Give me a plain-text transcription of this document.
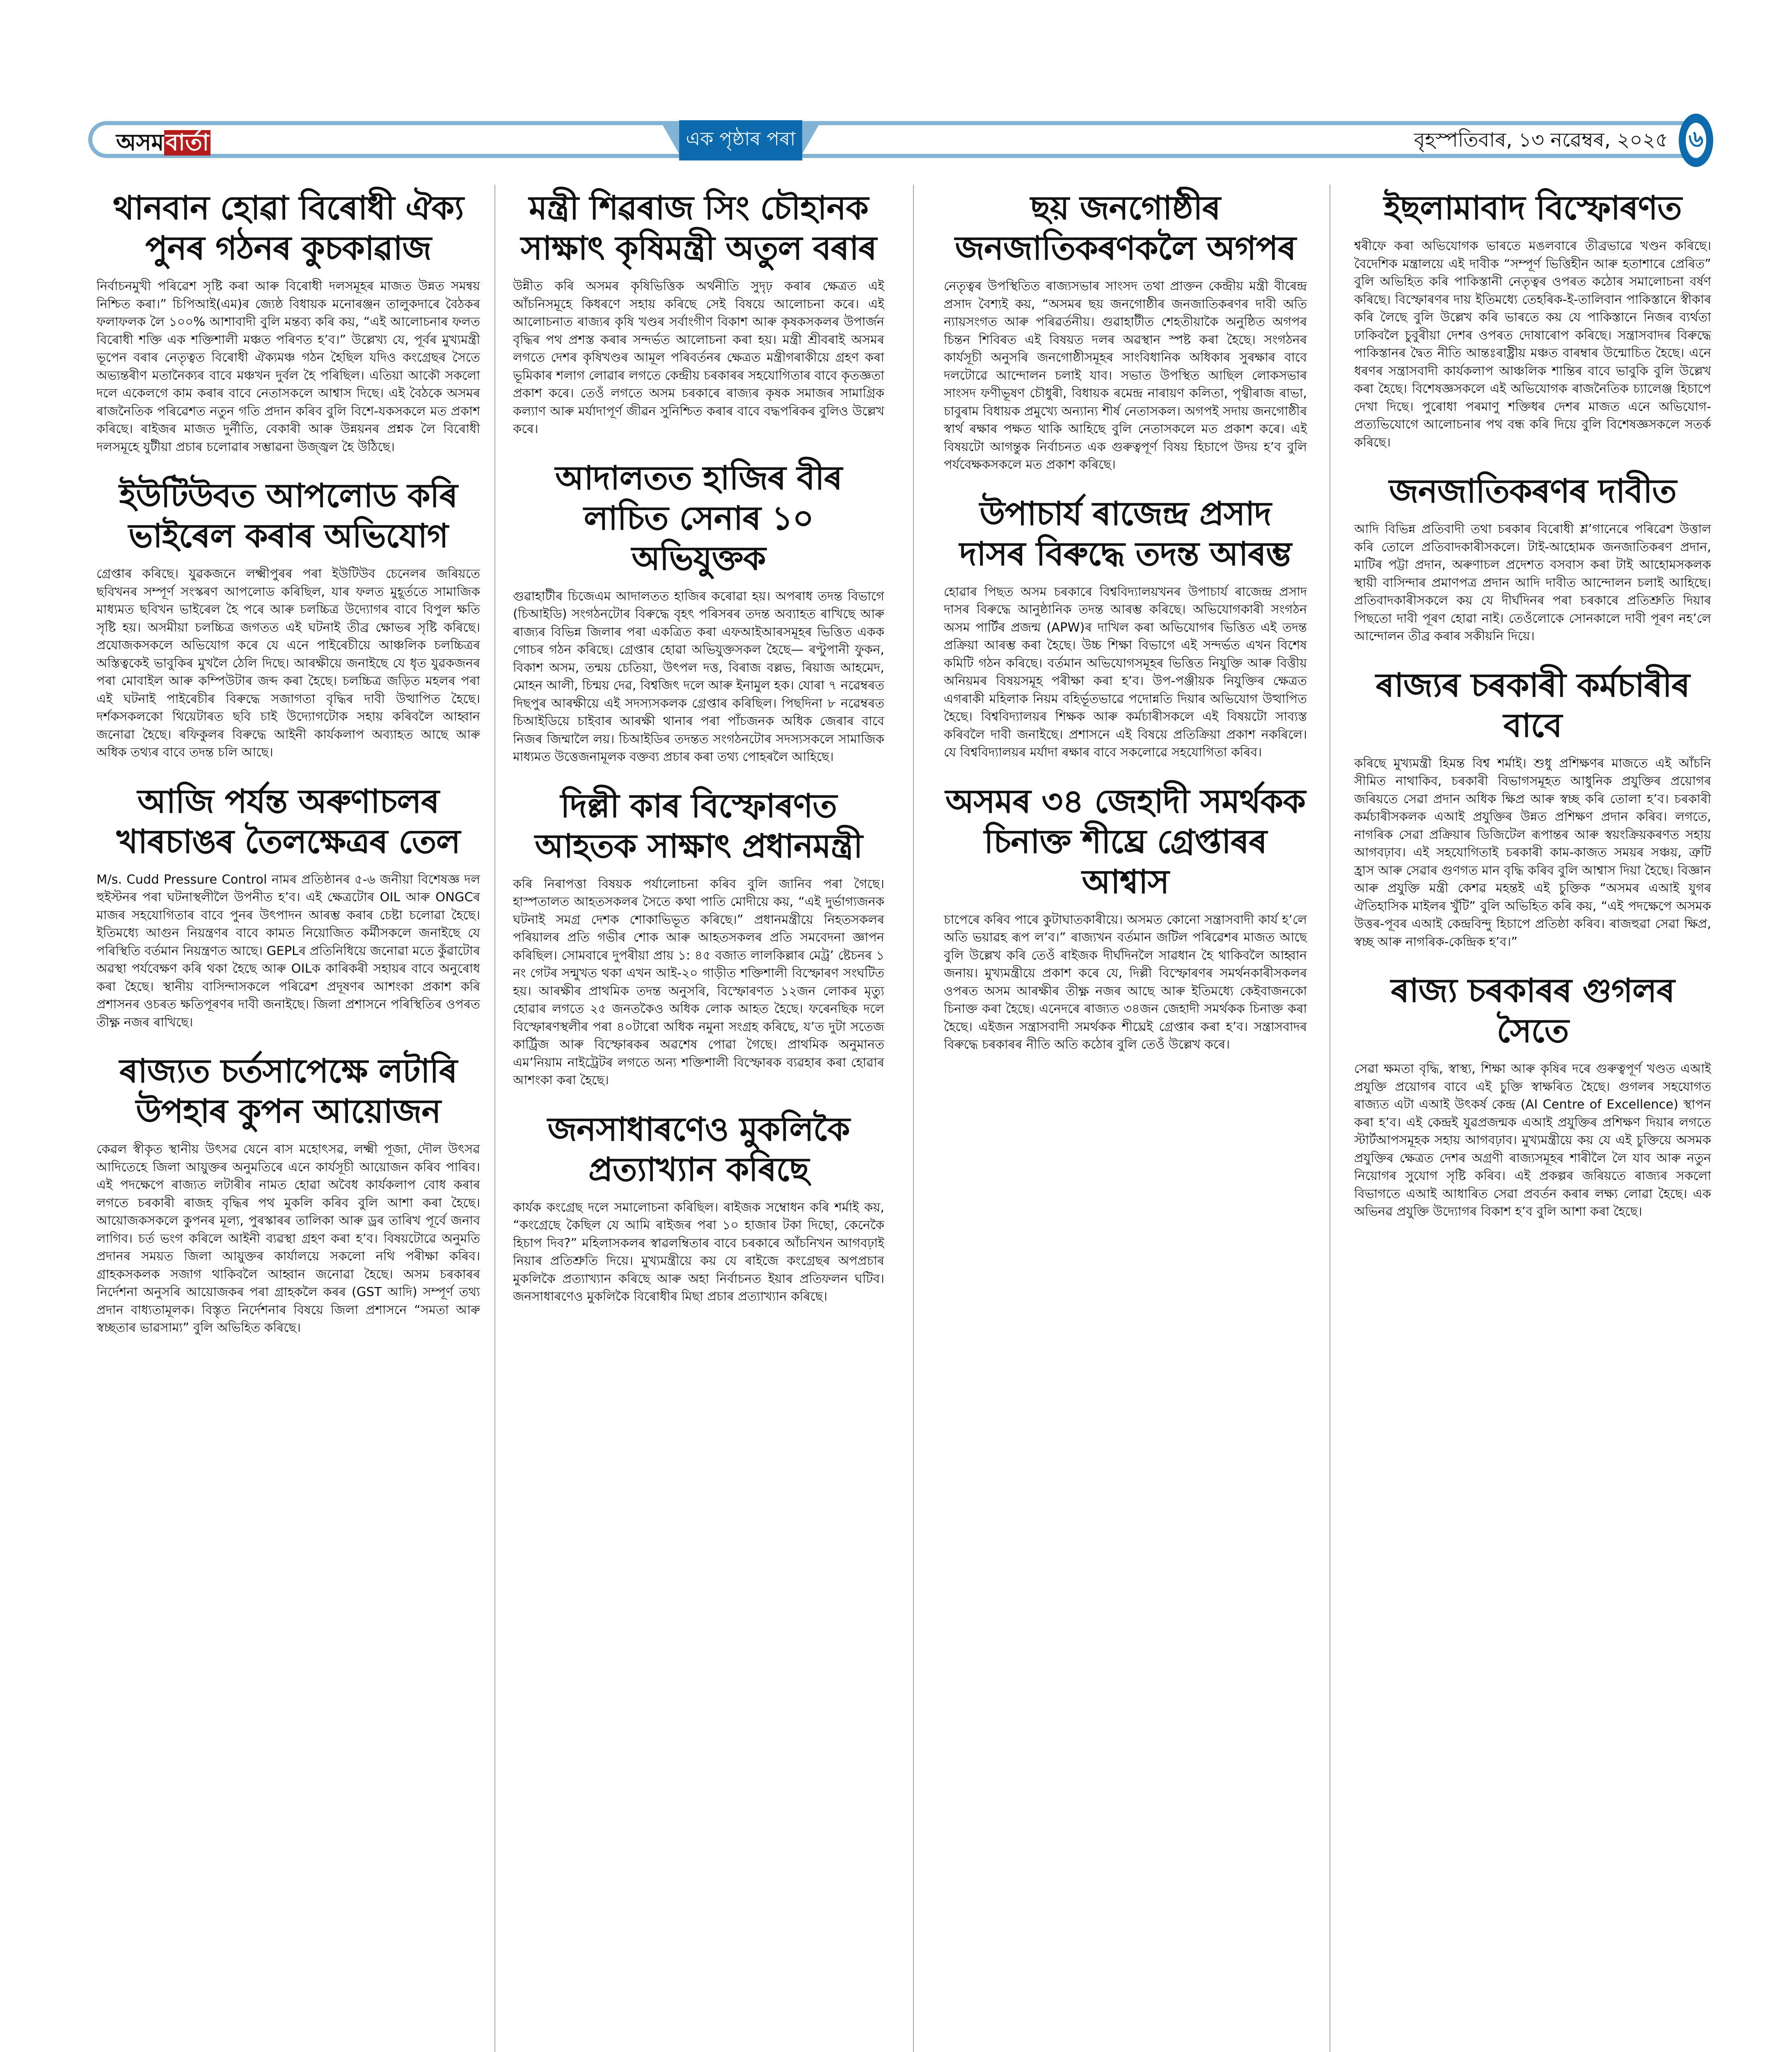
অসম বাৰ্তা	এক পৃষ্ঠাৰ পৰা	বৃহস্পতিবাৰ, ১৩ নৱেম্বৰ, ২০২৫ ৬
থানবান হোৱা বিৰোধী ঐক্য পুনৰ গঠনৰ কুচকাৱাজ

নিৰ্বাচনমুখী পৰিৱেশ সৃষ্টি কৰা আৰু বিৰোধী দলসমূহৰ মাজত উন্নত সমন্বয় নিশ্চিত কৰা।” চিপিআই(এম)ৰ জ্যেষ্ঠ বিধায়ক মনোৰঞ্জন তালুকদাৰে বৈঠকৰ ফলাফলক লৈ ১০০% আশাবাদী বুলি মন্তব্য কৰি কয়, “এই আলোচনাৰ ফলত বিৰোধী শক্তি এক শক্তিশালী মঞ্চত পৰিণত হ’ব।” উল্লেখ্য যে, পূৰ্বৰ মুখ্যমন্ত্ৰী ভূপেন বৰাৰ নেতৃত্বত বিৰোধী ঐক্যমঞ্চ গঠন হৈছিল যদিও কংগ্ৰেছৰ সৈতে অভ্যন্তৰীণ মতানৈক্যৰ বাবে মঞ্চখন দুৰ্বল হৈ পৰিছিল। এতিয়া আকৌ সকলো দলে একেলগে কাম কৰাৰ বাবে নেতাসকলে আশ্বাস দিছে। এই বৈঠকে অসমৰ ৰাজনৈতিক পৰিৱেশত নতুন গতি প্ৰদান কৰিব বুলি বিশে-যকসকলে মত প্ৰকাশ কৰিছে। ৰাইজৰ মাজত দুৰ্নীতি, বেকাৰী আৰু উন্নয়নৰ প্ৰশ্নক লৈ বিৰোধী দলসমূহে যুটীয়া প্ৰচাৰ চলোৱাৰ সম্ভাৱনা উজ্জ্বল হৈ উঠিছে।

ইউটিউবত আপলোড কৰি ভাইৰেল কৰাৰ অভিযোগ

গ্ৰেপ্তাৰ কৰিছে। যুৱকজনে লক্ষ্মীপুৰৰ পৰা ইউটিউব চেনেলৰ জৰিয়তে ছবিখনৰ সম্পূৰ্ণ সংস্কৰণ আপলোড কৰিছিল, যাৰ ফলত মুহূৰ্ততে সামাজিক মাধ্যমত ছবিখন ভাইৰেল হৈ পৰে আৰু চলচ্চিত্ৰ উদ্যোগৰ বাবে বিপুল ক্ষতি সৃষ্টি হয়। অসমীয়া চলচ্চিত্ৰ জগতত এই ঘটনাই তীব্ৰ ক্ষোভৰ সৃষ্টি কৰিছে। প্ৰযোজকসকলে অভিযোগ কৰে যে এনে পাইৰেচীয়ে আঞ্চলিক চলচ্চিত্ৰৰ অস্তিত্বকেই ভাবুকিৰ মুখলৈ ঠেলি দিছে। আৰক্ষীয়ে জনাইছে যে ধৃত যুৱকজনৰ পৰা মোবাইল আৰু কম্পিউটাৰ জব্দ কৰা হৈছে। চলচ্চিত্ৰ জড়িত মহলৰ পৰা এই ঘটনাই পাইৰেচীৰ বিৰুদ্ধে সজাগতা বৃদ্ধিৰ দাবী উত্থাপিত হৈছে। দৰ্শকসকলকো থিয়েটাৰত ছবি চাই উদ্যোগটোক সহায় কৰিবলৈ আহ্বান জনোৱা হৈছে। ৰফিকুলৰ বিৰুদ্ধে আইনী কাৰ্যকলাপ অব্যাহত আছে আৰু অধিক তথ্যৰ বাবে তদন্ত চলি আছে।

আজি পৰ্যন্ত অৰুণাচলৰ খাৰচাঙৰ তৈলক্ষেত্ৰৰ তেল

M/s. Cudd Pressure Control নামৰ প্ৰতিষ্ঠানৰ ৫-৬ জনীয়া বিশেষজ্ঞ দল হুইস্টনৰ পৰা ঘটনাস্থলীলৈ উপনীত হ’ব। এই ক্ষেত্ৰটোৰ OIL আৰু ONGCৰ মাজৰ সহযোগিতাৰ বাবে পুনৰ উৎপাদন আৰম্ভ কৰাৰ চেষ্টা চলোৱা হৈছে। ইতিমধ্যে আগুন নিয়ন্ত্ৰণৰ বাবে কামত নিয়োজিত কৰ্মীসকলে জনাইছে যে পৰিস্থিতি বৰ্তমান নিয়ন্ত্ৰণত আছে। GEPLৰ প্ৰতিনিধিয়ে জনোৱা মতে কুঁৱাটোৰ অৱস্থা পৰ্যবেক্ষণ কৰি থকা হৈছে আৰু OILক কাৰিকৰী সহায়ৰ বাবে অনুৰোধ কৰা হৈছে। স্থানীয় বাসিন্দাসকলে পৰিৱেশ প্ৰদূষণৰ আশংকা প্ৰকাশ কৰি প্ৰশাসনৰ ওচৰত ক্ষতিপূৰণৰ দাবী জনাইছে। জিলা প্ৰশাসনে পৰিস্থিতিৰ ওপৰত তীক্ষ্ণ নজৰ ৰাখিছে।

ৰাজ্যত চৰ্তসাপেক্ষে লটাৰি উপহাৰ কুপন আয়োজন

কেৱল স্বীকৃত স্থানীয় উৎসৱ যেনে ৰাস মহোৎসৱ, লক্ষ্মী পূজা, দৌল উৎসৱ আদিতেহে জিলা আয়ুক্তৰ অনুমতিৰে এনে কাৰ্যসূচী আয়োজন কৰিব পাৰিব। এই পদক্ষেপে ৰাজ্যত লটাৰীৰ নামত হোৱা অবৈধ কাৰ্যকলাপ বোধ কৰাৰ লগতে চৰকাৰী ৰাজহ বৃদ্ধিৰ পথ মুকলি কৰিব বুলি আশা কৰা হৈছে। আয়োজকসকলে কুপনৰ মূল্য, পুৰস্কাৰৰ তালিকা আৰু ড্ৰৰ তাৰিখ পূৰ্বে জনাব লাগিব। চৰ্ত ভংগ কৰিলে আইনী ব্যৱস্থা গ্ৰহণ কৰা হ’ব। বিষয়টোৱে অনুমতি প্ৰদানৰ সময়ত জিলা আয়ুক্তৰ কাৰ্যালয়ে সকলো নথি পৰীক্ষা কৰিব। গ্ৰাহকসকলক সজাগ থাকিবলৈ আহ্বান জনোৱা হৈছে। অসম চৰকাৰৰ নিৰ্দেশনা অনুসৰি আয়োজকৰ পৰা গ্ৰাহকলৈ কৰৰ (GST আদি) সম্পূৰ্ণ তথ্য প্ৰদান বাধ্যতামূলক। বিস্তৃত নিৰ্দেশনাৰ বিষয়ে জিলা প্ৰশাসনে “সমতা আৰু স্বচ্ছতাৰ ভাৱসাম্য” বুলি অভিহিত কৰিছে।

মন্ত্ৰী শিৱৰাজ সিং চৌহানক সাক্ষাৎ কৃষিমন্ত্ৰী অতুল বৰাৰ

উন্নীত কৰি অসমৰ কৃষিভিত্তিক অৰ্থনীতি সুদৃঢ় কৰাৰ ক্ষেত্ৰত এই আঁচনিসমূহে কিধৰণে সহায় কৰিছে সেই বিষয়ে আলোচনা কৰে। এই আলোচনাত ৰাজ্যৰ কৃষি খণ্ডৰ সৰ্বাংগীণ বিকাশ আৰু কৃষকসকলৰ উপাৰ্জন বৃদ্ধিৰ পথ প্ৰশস্ত কৰাৰ সন্দৰ্ভত আলোচনা কৰা হয়। মন্ত্ৰী শ্ৰীবৰাই অসমৰ লগতে দেশৰ কৃষিখণ্ডৰ আমূল পৰিবৰ্তনৰ ক্ষেত্ৰত মন্ত্ৰীগৰাকীয়ে গ্ৰহণ কৰা ভূমিকাৰ শলাগ লোৱাৰ লগতে কেন্দ্ৰীয় চৰকাৰৰ সহযোগিতাৰ বাবে কৃতজ্ঞতা প্ৰকাশ কৰে। তেওঁ লগতে অসম চৰকাৰে ৰাজ্যৰ কৃষক সমাজৰ সামাগ্ৰিক কল্যাণ আৰু মৰ্যাদাপূৰ্ণ জীৱন সুনিশ্চিত কৰাৰ বাবে বদ্ধপৰিকৰ বুলিও উল্লেখ কৰে।

আদালতত হাজিৰ বীৰ লাচিত সেনাৰ ১০ অভিযুক্তক

গুৱাহাটীৰ চিজেএম আদালতত হাজিৰ কৰোৱা হয়। অপৰাধ তদন্ত বিভাগে (চিআইডি) সংগঠনটোৰ বিৰুদ্ধে বৃহৎ পৰিসৰৰ তদন্ত অব্যাহত ৰাখিছে আৰু ৰাজ্যৰ বিভিন্ন জিলাৰ পৰা একত্ৰিত কৰা এফআইআৰসমূহৰ ভিত্তিত একক গোচৰ গঠন কৰিছে। গ্ৰেপ্তাৰ হোৱা অভিযুক্তসকল হৈছে— ৰণ্টুপানী ফুকন, বিকাশ অসম, তন্ময় চেতিয়া, উৎপল দত্ত, বিৰাজ বল্লভ, ৰিয়াজ আহমেদ, মোহন আলী, চিন্ময় দেৱ, বিশ্বজিৎ দলে আৰু ইনামুল হক। যোৰা ৭ নৱেম্বৰত দিছপুৰ আৰক্ষীয়ে এই সদস্যসকলক গ্ৰেপ্তাৰ কৰিছিল। পিছদিনা ৮ নৱেম্বৰত চিআইডিয়ে চাইবাৰ আৰক্ষী থানাৰ পৰা পাঁচজনক অধিক জেৰাৰ বাবে নিজৰ জিম্মালৈ লয়। চিআইডিৰ তদন্তত সংগঠনটোৰ সদস্যসকলে সামাজিক মাধ্যমত উত্তেজনামূলক বক্তব্য প্ৰচাৰ কৰা তথ্য পোহৰলৈ আহিছে।

দিল্লী কাৰ বিস্ফোৰণত আহতক সাক্ষাৎ প্ৰধানমন্ত্ৰী

কৰি নিৰাপত্তা বিষয়ক পৰ্যালোচনা কৰিব বুলি জানিব পৰা গৈছে। হাস্পতালত আহতসকলৰ সৈতে কথা পাতি মোদীয়ে কয়, “এই দুৰ্ভাগ্যজনক ঘটনাই সমগ্ৰ দেশক শোকাভিভূত কৰিছে।” প্ৰধানমন্ত্ৰীয়ে নিহতসকলৰ পৰিয়ালৰ প্ৰতি গভীৰ শোক আৰু আহতসকলৰ প্ৰতি সমবেদনা জ্ঞাপন কৰিছিল। সোমবাৰে দুপৰীয়া প্ৰায় ১: ৪৫ বজাত লালকিল্লাৰ মেট্ৰ’ ষ্টেচনৰ ১ নং গেটৰ সন্মুখত থকা এখন আই-২০ গাড়ীত শক্তিশালী বিস্ফোৰণ সংঘটিত হয়। আৰক্ষীৰ প্ৰাথমিক তদন্ত অনুসৰি, বিস্ফোৰণত ১২জন লোকৰ মৃত্যু হোৱাৰ লগতে ২৫ জনতকৈও অধিক লোক আহত হৈছে। ফৰেনছিক দলে বিস্ফোৰণস্থলীৰ পৰা ৪০টাৰো অধিক নমুনা সংগ্ৰহ কৰিছে, য’ত দুটা সতেজ কাৰ্ট্ৰিজ আৰু বিস্ফোৰকৰ অৱশেষ পোৱা গৈছে। প্ৰাথমিক অনুমানত এম’নিয়াম নাইট্ৰেটৰ লগতে অন্য শক্তিশালী বিস্ফোৰক ব্যৱহাৰ কৰা হোৱাৰ আশংকা কৰা হৈছে।

জনসাধাৰণেও মুকলিকৈ প্ৰত্যাখ্যান কৰিছে

কাৰ্যক কংগ্ৰেছ দলে সমালোচনা কৰিছিল। ৰাইজক সম্বোধন কৰি শৰ্মাই কয়, “কংগ্ৰেছে কৈছিল যে আমি ৰাইজৰ পৰা ১০ হাজাৰ টকা দিছো, কেনেকৈ হিচাপ দিব?” মহিলাসকলৰ স্বাৱলম্বিতাৰ বাবে চৰকাৰে আঁচনিখন আগবঢ়াই নিয়াৰ প্ৰতিশ্ৰুতি দিয়ে। মুখ্যমন্ত্ৰীয়ে কয় যে ৰাইজে কংগ্ৰেছৰ অপপ্ৰচাৰ মুকলিকৈ প্ৰত্যাখ্যান কৰিছে আৰু অহা নিৰ্বাচনত ইয়াৰ প্ৰতিফলন ঘটিব। জনসাধাৰণেও মুকলিকৈ বিৰোধীৰ মিছা প্ৰচাৰ প্ৰত্যাখ্যান কৰিছে।

ছয় জনগোষ্ঠীৰ জনজাতিকৰণকলৈ অগপৰ

নেতৃত্বৰ উপস্থিতিত ৰাজ্যসভাৰ সাংসদ তথা প্ৰাক্তন কেন্দ্ৰীয় মন্ত্ৰী বীৰেন্দ্ৰ প্ৰসাদ বৈশ্যই কয়, “অসমৰ ছয় জনগোষ্ঠীৰ জনজাতিকৰণৰ দাবী অতি ন্যায়সংগত আৰু পৰিৱৰ্তনীয়। গুৱাহাটীত শেহতীয়াকৈ অনুষ্ঠিত অগপৰ চিন্তন শিবিৰত এই বিষয়ত দলৰ অৱস্থান স্পষ্ট কৰা হৈছে। সংগঠনৰ কাৰ্যসূচী অনুসৰি জনগোষ্ঠীসমূহৰ সাংবিধানিক অধিকাৰ সুৰক্ষাৰ বাবে দলটোৱে আন্দোলন চলাই যাব। সভাত উপস্থিত আছিল লোকসভাৰ সাংসদ ফণীভূষণ চৌধুৰী, বিধায়ক ৰমেন্দ্ৰ নাৰায়ণ কলিতা, পৃথ্বীৰাজ ৰাভা, চাবুৰাম বিধায়ক প্ৰমুখ্যে অন্যান্য শীৰ্ষ নেতাসকল। অগপই সদায় জনগোষ্ঠীৰ স্বাৰ্থ ৰক্ষাৰ পক্ষত থাকি আহিছে বুলি নেতাসকলে মত প্ৰকাশ কৰে। এই বিষয়টো আগন্তুক নিৰ্বাচনত এক গুৰুত্বপূৰ্ণ বিষয় হিচাপে উদয় হ’ব বুলি পৰ্যবেক্ষকসকলে মত প্ৰকাশ কৰিছে।

উপাচাৰ্য ৰাজেন্দ্ৰ প্ৰসাদ দাসৰ বিৰুদ্ধে তদন্ত আৰম্ভ

হোৱাৰ পিছত অসম চৰকাৰে বিশ্ববিদ্যালয়খনৰ উপাচাৰ্য ৰাজেন্দ্ৰ প্ৰসাদ দাসৰ বিৰুদ্ধে আনুষ্ঠানিক তদন্ত আৰম্ভ কৰিছে। অভিযোগকাৰী সংগঠন অসম পাৰ্টিৰ প্ৰজন্ম (APW)ৰ দাখিল কৰা অভিযোগৰ ভিত্তিত এই তদন্ত প্ৰক্ৰিয়া আৰম্ভ কৰা হৈছে। উচ্চ শিক্ষা বিভাগে এই সন্দৰ্ভত এখন বিশেষ কমিটি গঠন কৰিছে। বৰ্তমান অভিযোগসমূহৰ ভিত্তিত নিযুক্তি আৰু বিত্তীয় অনিয়মৰ বিষয়সমূহ পৰীক্ষা কৰা হ’ব। উপ-পঞ্জীয়ক নিযুক্তিৰ ক্ষেত্ৰত এগৰাকী মহিলাক নিয়ম বহিৰ্ভূতভাৱে পদোন্নতি দিয়াৰ অভিযোগ উত্থাপিত হৈছে। বিশ্ববিদ্যালয়ৰ শিক্ষক আৰু কৰ্মচাৰীসকলে এই বিষয়টো সাব্যস্ত কৰিবলৈ দাবী জনাইছে। প্ৰশাসনে এই বিষয়ে প্ৰতিক্ৰিয়া প্ৰকাশ নকৰিলে। যে বিশ্ববিদ্যালয়ৰ মৰ্যাদা ৰক্ষাৰ বাবে সকলোৱে সহযোগিতা কৰিব।

অসমৰ ৩৪ জেহাদী সমৰ্থকক চিনাক্ত শীঘ্ৰে গ্ৰেপ্তাৰৰ আশ্বাস

চাপেৰে কৰিব পাৰে কুটাঘাতকাৰীয়ে। অসমত কোনো সন্ত্ৰাসবাদী কাৰ্য হ’লে অতি ভয়াৱহ ৰূপ ল’ব।” ৰাজ্যখন বৰ্তমান জটিল পৰিৱেশৰ মাজত আছে বুলি উল্লেখ কৰি তেওঁ ৰাইজক দীৰ্ঘদিনলৈ সাৱধান হৈ থাকিবলৈ আহ্বান জনায়। মুখ্যমন্ত্ৰীয়ে প্ৰকাশ কৰে যে, দিল্লী বিস্ফোৰণৰ সমৰ্থনকাৰীসকলৰ ওপৰত অসম আৰক্ষীৰ তীক্ষ্ণ নজৰ আছে আৰু ইতিমধ্যে কেইবাজনকো চিনাক্ত কৰা হৈছে। এনেদৰে ৰাজ্যত ৩৪জন জেহাদী সমৰ্থকক চিনাক্ত কৰা হৈছে। এইজন সন্ত্ৰাসবাদী সমৰ্থকক শীঘ্ৰেই গ্ৰেপ্তাৰ কৰা হ’ব। সন্ত্ৰাসবাদৰ বিৰুদ্ধে চৰকাৰৰ নীতি অতি কঠোৰ বুলি তেওঁ উল্লেখ কৰে।

ইছলামাবাদ বিস্ফোৰণত

শ্বৰীফে কৰা অভিযোগক ভাৰতে মঙলবাৰে তীব্ৰভাৱে খণ্ডন কৰিছে। বৈদেশিক মন্ত্ৰালয়ে এই দাবীক “সম্পূৰ্ণ ভিত্তিহীন আৰু হতাশাৰে প্ৰেৰিত” বুলি অভিহিত কৰি পাকিস্তানী নেতৃত্বৰ ওপৰত কঠোৰ সমালোচনা বৰ্ষণ কৰিছে। বিস্ফোৰণৰ দায় ইতিমধ্যে তেহৰিক-ই-তালিবান পাকিস্তানে স্বীকাৰ কৰি লৈছে বুলি উল্লেখ কৰি ভাৰতে কয় যে পাকিস্তানে নিজৰ ব্যৰ্থতা ঢাকিবলৈ চুবুৰীয়া দেশৰ ওপৰত দোষাৰোপ কৰিছে। সন্ত্ৰাসবাদৰ বিৰুদ্ধে পাকিস্তানৰ দ্বৈত নীতি আন্তঃৰাষ্ট্ৰীয় মঞ্চত বাৰম্বাৰ উন্মোচিত হৈছে। এনে ধৰণৰ সন্ত্ৰাসবাদী কাৰ্যকলাপ আঞ্চলিক শান্তিৰ বাবে ভাবুকি বুলি উল্লেখ কৰা হৈছে। বিশেষজ্ঞসকলে এই অভিযোগক ৰাজনৈতিক চ্যালেঞ্জ হিচাপে দেখা দিছে। পুৰোধা পৰমাণু শক্তিধৰ দেশৰ মাজত এনে অভিযোগ-প্ৰত্যভিযোগে আলোচনাৰ পথ বন্ধ কৰি দিয়ে বুলি বিশেষজ্ঞসকলে সতৰ্ক কৰিছে।

জনজাতিকৰণৰ দাবীত

আদি বিভিন্ন প্ৰতিবাদী তথা চৰকাৰ বিৰোধী শ্ল’গানেৰে পৰিৱেশ উত্তাল কৰি তোলে প্ৰতিবাদকাৰীসকলে। টাই-আহোমক জনজাতিকৰণ প্ৰদান, মাটিৰ পট্টা প্ৰদান, অৰুণাচল প্ৰদেশত বসবাস কৰা টাই আহোমসকলক স্থায়ী বাসিন্দাৰ প্ৰমাণপত্ৰ প্ৰদান আদি দাবীত আন্দোলন চলাই আহিছে। প্ৰতিবাদকাৰীসকলে কয় যে দীৰ্ঘদিনৰ পৰা চৰকাৰে প্ৰতিশ্ৰুতি দিয়াৰ পিছতো দাবী পূৰণ হোৱা নাই। তেওঁলোকে সোনকালে দাবী পূৰণ নহ’লে আন্দোলন তীব্ৰ কৰাৰ সকীয়নি দিয়ে।

ৰাজ্যৰ চৰকাৰী কৰ্মচাৰীৰ বাবে

কৰিছে মুখ্যমন্ত্ৰী হিমন্ত বিশ্ব শৰ্মাই। শুধু প্ৰশিক্ষণৰ মাজতে এই আঁচনি সীমিত নাথাকিব, চৰকাৰী বিভাগসমূহত আধুনিক প্ৰযুক্তিৰ প্ৰয়োগৰ জৰিয়তে সেৱা প্ৰদান অধিক ক্ষিপ্ৰ আৰু স্বচ্ছ কৰি তোলা হ’ব। চৰকাৰী কৰ্মচাৰীসকলক এআই প্ৰযুক্তিৰ উন্নত প্ৰশিক্ষণ প্ৰদান কৰিব। লগতে, নাগৰিক সেৱা প্ৰক্ৰিয়াৰ ডিজিটেল ৰূপান্তৰ আৰু স্বয়ংক্ৰিয়কৰণত সহায় আগবঢ়াব। এই সহযোগিতাই চৰকাৰী কাম-কাজত সময়ৰ সঞ্চয়, ত্ৰুটি হ্ৰাস আৰু সেৱাৰ গুণগত মান বৃদ্ধি কৰিব বুলি আশ্বাস দিয়া হৈছে। বিজ্ঞান আৰু প্ৰযুক্তি মন্ত্ৰী কেশৱ মহন্তই এই চুক্তিক “অসমৰ এআই যুগৰ ঐতিহাসিক মাইলৰ খুঁটি” বুলি অভিহিত কৰি কয়, “এই পদক্ষেপে অসমক উত্তৰ-পূবৰ এআই কেন্দ্ৰবিন্দু হিচাপে প্ৰতিষ্ঠা কৰিব। ৰাজহুৱা সেৱা ক্ষিপ্ৰ, স্বচ্ছ আৰু নাগৰিক-কেন্দ্ৰিক হ’ব।”

ৰাজ্য চৰকাৰৰ গুগলৰ সৈতে

সেৱা ক্ষমতা বৃদ্ধি, স্বাস্থ্য, শিক্ষা আৰু কৃষিৰ দৰে গুৰুত্বপূৰ্ণ খণ্ডত এআই প্ৰযুক্তি প্ৰয়োগৰ বাবে এই চুক্তি স্বাক্ষৰিত হৈছে। গুগলৰ সহযোগত ৰাজ্যত এটা এআই উৎকৰ্ষ কেন্দ্ৰ (AI Centre of Excellence) স্থাপন কৰা হ’ব। এই কেন্দ্ৰই যুৱপ্ৰজন্মক এআই প্ৰযুক্তিৰ প্ৰশিক্ষণ দিয়াৰ লগতে স্টাৰ্টআপসমূহক সহায় আগবঢ়াব। মুখ্যমন্ত্ৰীয়ে কয় যে এই চুক্তিয়ে অসমক প্ৰযুক্তিৰ ক্ষেত্ৰত দেশৰ অগ্ৰণী ৰাজ্যসমূহৰ শাৰীলৈ লৈ যাব আৰু নতুন নিয়োগৰ সুযোগ সৃষ্টি কৰিব। এই প্ৰকল্পৰ জৰিয়তে ৰাজ্যৰ সকলো বিভাগতে এআই আধাৰিত সেৱা প্ৰবৰ্তন কৰাৰ লক্ষ্য লোৱা হৈছে। এক অভিনৱ প্ৰযুক্তি উদ্যোগৰ বিকাশ হ’ব বুলি আশা কৰা হৈছে।
